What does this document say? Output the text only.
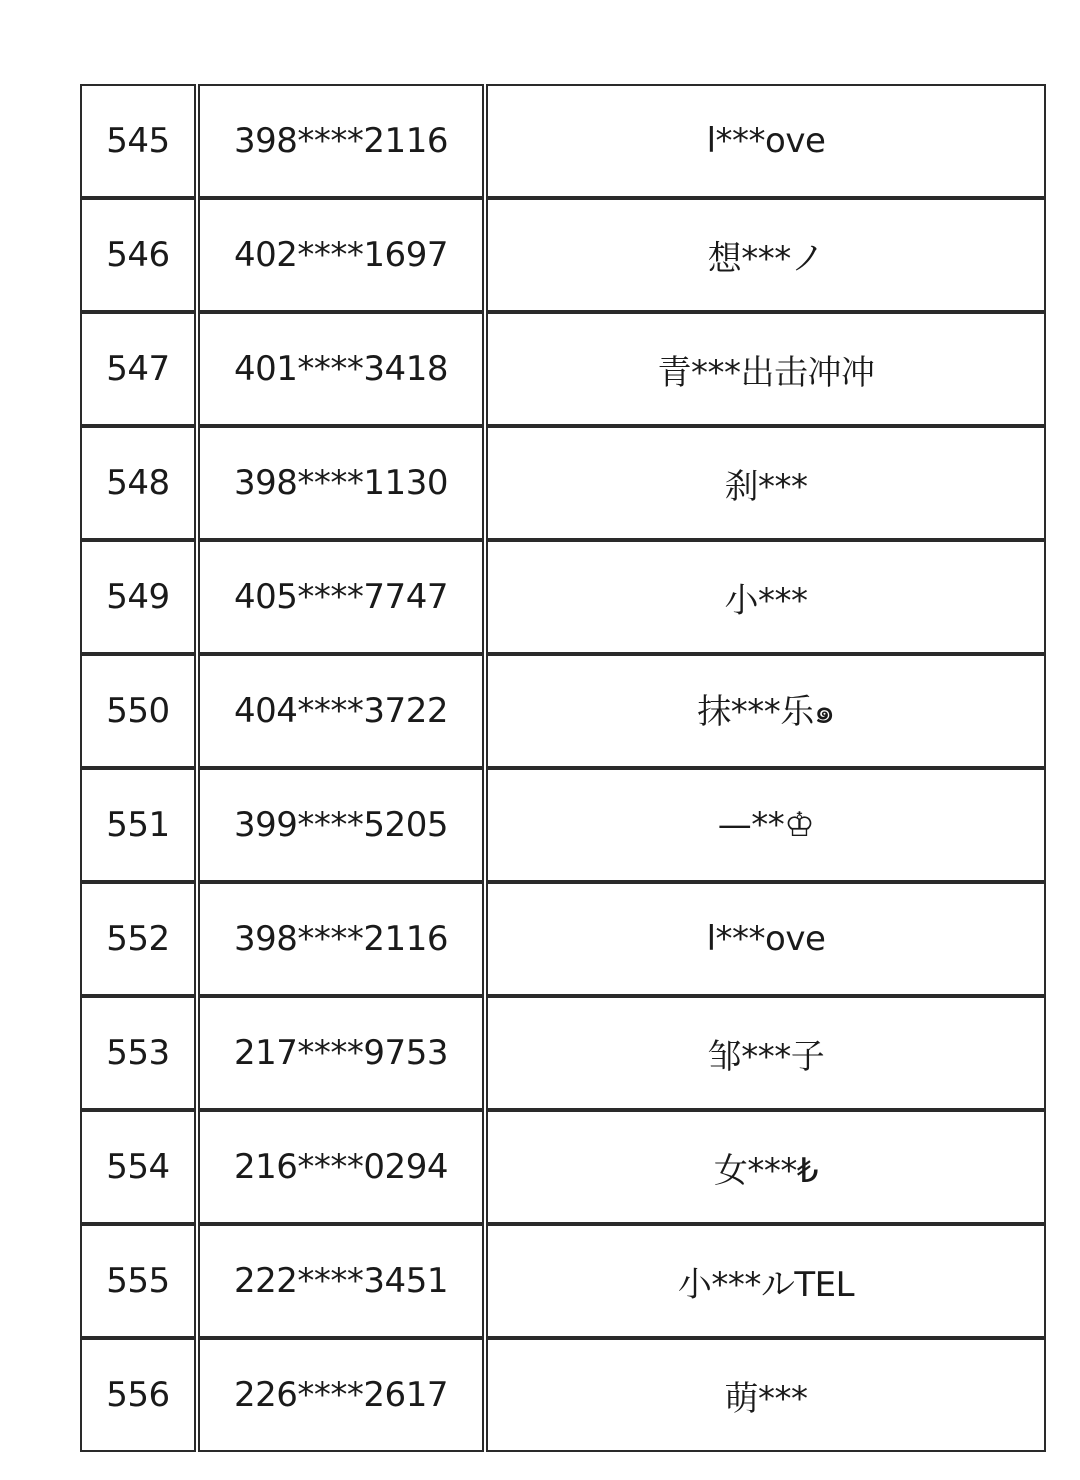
545	398****2116	l***ove
546	402****1697	想***ノ
547	401****3418	青***出击冲冲
548	398****1130	刹***
549	405****7747	小***
550	404****3722	抹***乐๑
551	399****5205	—**♔
552	398****2116	l***ove
553	217****9753	邹***子
554	216****0294	女***₺
555	222****3451	小***ルTEL
556	226****2617	萌***
